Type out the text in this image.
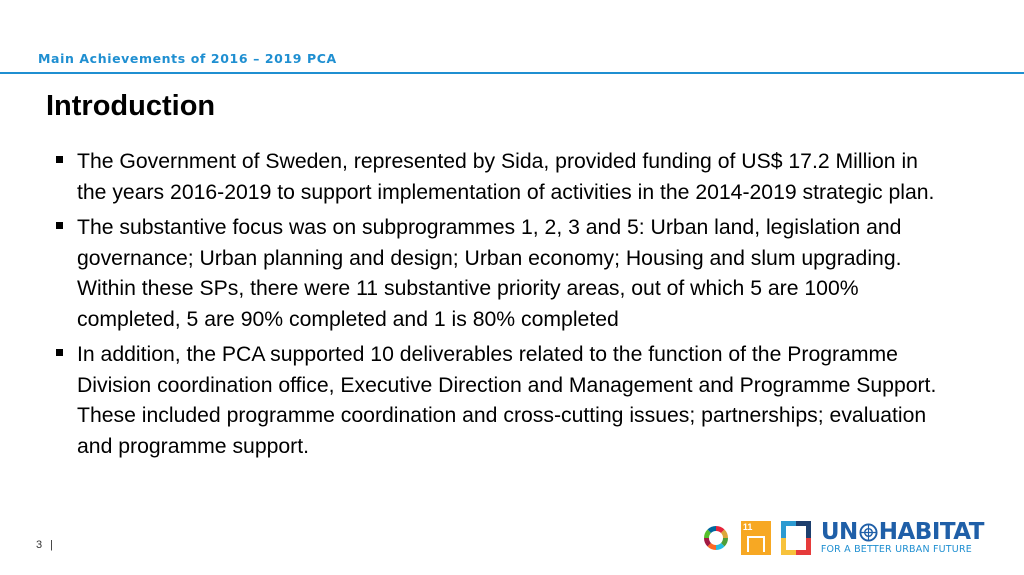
Main Achievements of 2016 – 2019 PCA
Introduction
The Government of Sweden, represented by Sida, provided funding of US$ 17.2 Million in the years 2016-2019 to support implementation of activities in the 2014-2019 strategic plan.
The substantive focus was on subprogrammes 1, 2, 3 and 5: Urban land, legislation and governance; Urban planning and design; Urban economy; Housing and slum upgrading. Within these SPs, there were 11 substantive priority areas, out of which 5 are 100% completed, 5 are 90% completed and 1 is 80% completed
In addition, the PCA supported 10 deliverables related to the function of the Programme Division coordination office, Executive Direction and Management and Programme Support. These included programme coordination and cross-cutting issues; partnerships; evaluation and programme support.
3 |
11	UN HABITAT
FOR A BETTER URBAN FUTURE
